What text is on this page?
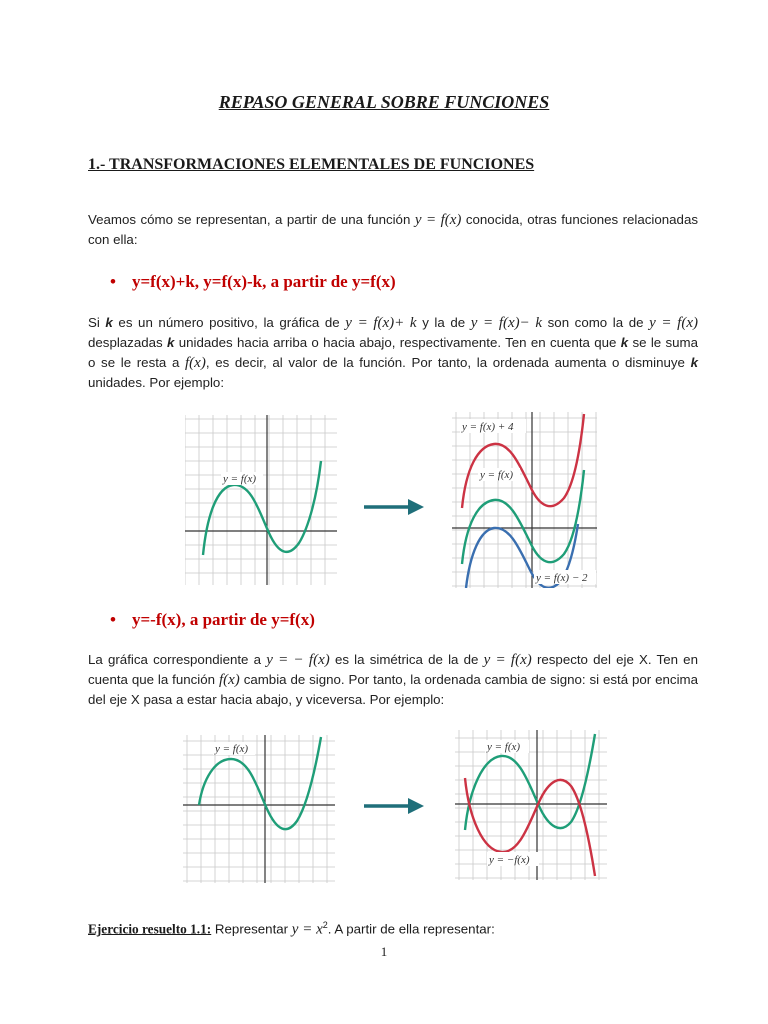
REPASO GENERAL SOBRE FUNCIONES
1.- TRANSFORMACIONES ELEMENTALES DE FUNCIONES
Veamos cómo se representan, a partir de una función y = f(x) conocida, otras funciones relacionadas con ella:
• y=f(x)+k, y=f(x)-k, a partir de y=f(x)
Si k es un número positivo, la gráfica de y = f(x)+ k y la de y = f(x)− k son como la de y = f(x) desplazadas k unidades hacia arriba o hacia abajo, respectivamente. Ten en cuenta que k se le suma o se le resta a f(x), es decir, al valor de la función. Por tanto, la ordenada aumenta o disminuye k unidades. Por ejemplo:
y = f(x)
y = f(x) + 4
y = f(x)
y = f(x) − 2
• y=-f(x), a partir de y=f(x)
La gráfica correspondiente a y = − f(x) es la simétrica de la de y = f(x) respecto del eje X. Ten en cuenta que la función f(x) cambia de signo. Por tanto, la ordenada cambia de signo: si está por encima del eje X pasa a estar hacia abajo, y viceversa. Por ejemplo:
y = f(x)	y = f(x)
y = −f(x)
Ejercicio resuelto 1.1: Representar $y = x^2$. A partir de ella representar:
1
